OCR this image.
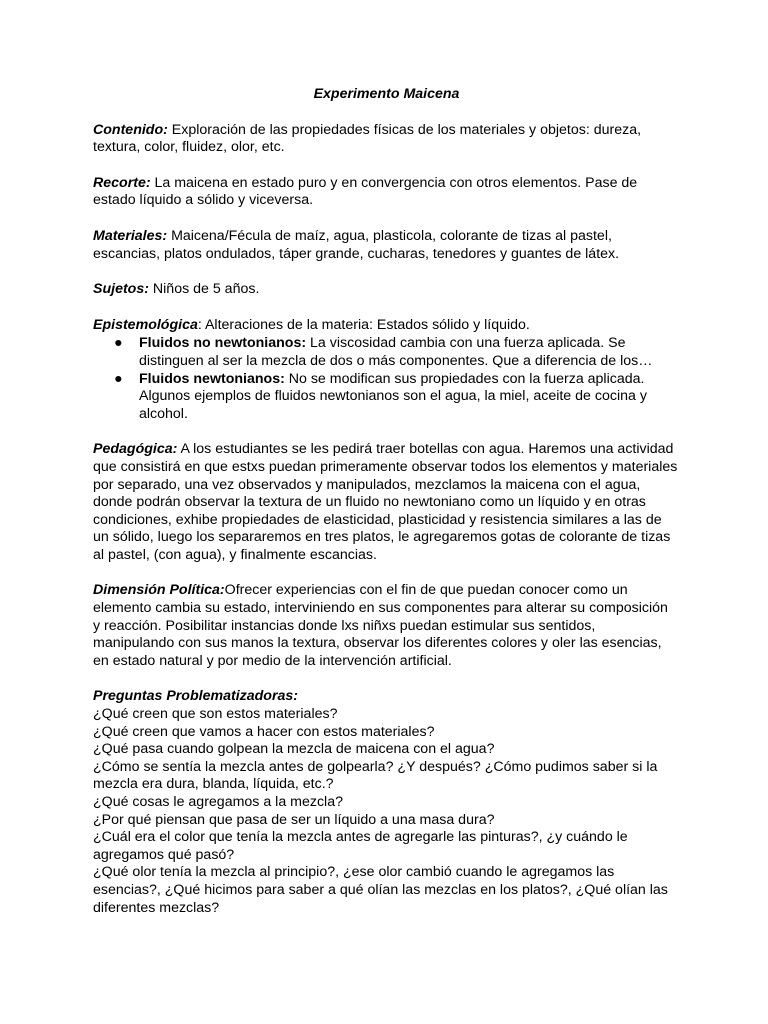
Experimento Maicena

Contenido: Exploración de las propiedades físicas de los materiales y objetos: dureza, textura, color, fluidez, olor, etc.

Recorte: La maicena en estado puro y en convergencia con otros elementos. Pase de estado líquido a sólido y viceversa.

Materiales: Maicena/Fécula de maíz, agua, plasticola, colorante de tizas al pastel, escancias, platos ondulados, táper grande, cucharas, tenedores y guantes de látex.

Sujetos: Niños de 5 años.

Epistemológica: Alteraciones de la materia: Estados sólido y líquido.

● Fluidos no newtonianos: La viscosidad cambia con una fuerza aplicada. Se
distinguen al ser la mezcla de dos o más componentes. Que a diferencia de los…
● Fluidos newtonianos: No se modifican sus propiedades con la fuerza aplicada. Algunos ejemplos de fluidos newtonianos son el agua, la miel, aceite de cocina y alcohol.

Pedagógica: A los estudiantes se les pedirá traer botellas con agua. Haremos una actividad que consistirá en que estxs puedan primeramente observar todos los elementos y materiales por separado, una vez observados y manipulados, mezclamos la maicena con el agua, donde podrán observar la textura de un fluido no newtoniano como un líquido y en otras condiciones, exhibe propiedades de elasticidad, plasticidad y resistencia similares a las de un sólido, luego los separaremos en tres platos, le agregaremos gotas de colorante de tizas al pastel, (con agua), y finalmente escancias.

Dimensión Política:Ofrecer experiencias con el fin de que puedan conocer como un elemento cambia su estado, interviniendo en sus componentes para alterar su composición y reacción. Posibilitar instancias donde lxs niñxs puedan estimular sus sentidos, manipulando con sus manos la textura, observar los diferentes colores y oler las esencias, en estado natural y por medio de la intervención artificial.

Preguntas Problematizadoras:
¿Qué creen que son estos materiales?
¿Qué creen que vamos a hacer con estos materiales?
¿Qué pasa cuando golpean la mezcla de maicena con el agua?
¿Cómo se sentía la mezcla antes de golpearla? ¿Y después? ¿Cómo pudimos saber si la mezcla era dura, blanda, líquida, etc.?
¿Qué cosas le agregamos a la mezcla?
¿Por qué piensan que pasa de ser un líquido a una masa dura?
¿Cuál era el color que tenía la mezcla antes de agregarle las pinturas?, ¿y cuándo le agregamos qué pasó?
¿Qué olor tenía la mezcla al principio?, ¿ese olor cambió cuando le agregamos las esencias?, ¿Qué hicimos para saber a qué olían las mezclas en los platos?, ¿Qué olían las diferentes mezclas?
